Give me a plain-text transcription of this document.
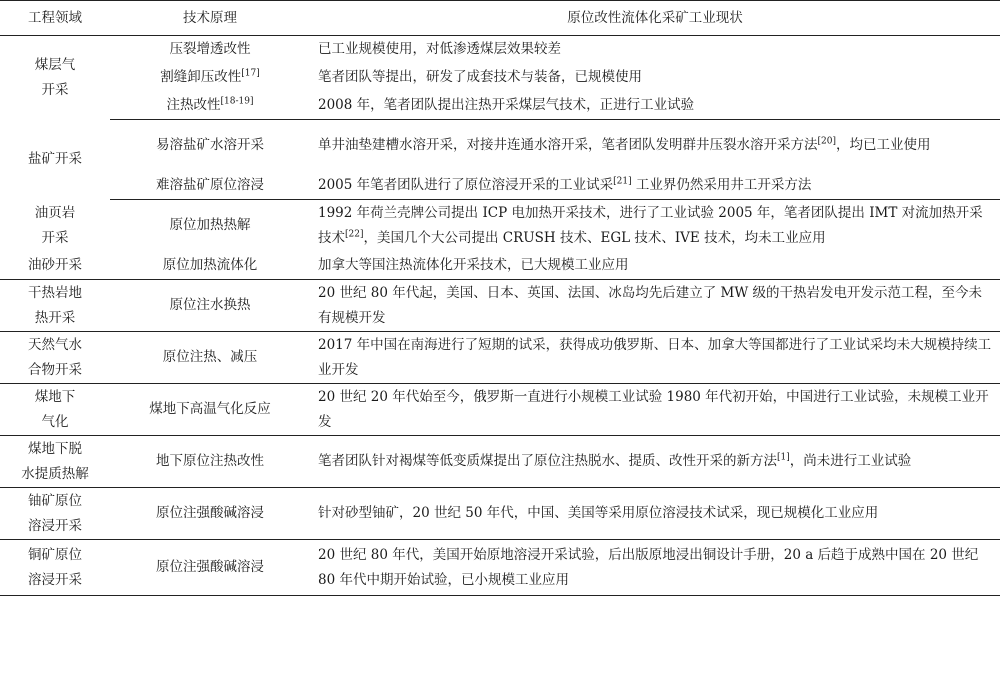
工程领域	技术原理	原位改性流体化采矿工业现状
煤层气
开采	压裂增透改性	已工业规模使用，对低渗透煤层效果较差
	割缝卸压改性[17]	笔者团队等提出，研发了成套技术与装备，已规模使用
	注热改性[18-19]	2008 年，笔者团队提出注热开采煤层气技术，正进行工业试验
盐矿开采	易溶盐矿水溶开采	单井油垫建槽水溶开采，对接井连通水溶开采，笔者团队发明群井压裂水溶开采方法[20]，均已工业使用
	难溶盐矿原位溶浸	2005 年笔者团队进行了原位溶浸开采的工业试采[21] 工业界仍然采用井工开采方法
油页岩
开采	原位加热热解	1992 年荷兰壳牌公司提出 ICP 电加热开采技术，进行了工业试验 2005 年，笔者团队提出 IMT 对流加热开采技术[22]，美国几个大公司提出 CRUSH 技术、EGL 技术、IVE 技术，均未工业应用
油砂开采	原位加热流体化	加拿大等国注热流体化开采技术，已大规模工业应用
干热岩地
热开采	原位注水换热	20 世纪 80 年代起，美国、日本、英国、法国、冰岛均先后建立了 MW 级的干热岩发电开发示范工程，至今未有规模开发
天然气水
合物开采	原位注热、减压	2017 年中国在南海进行了短期的试采，获得成功俄罗斯、日本、加拿大等国都进行了工业试采均未大规模持续工业开发
煤地下
气化	煤地下高温气化反应	20 世纪 20 年代始至今，俄罗斯一直进行小规模工业试验 1980 年代初开始，中国进行工业试验，未规模工业开发
煤地下脱
水提质热解	地下原位注热改性	笔者团队针对褐煤等低变质煤提出了原位注热脱水、提质、改性开采的新方法[1]，尚未进行工业试验
铀矿原位
溶浸开采	原位注强酸碱溶浸	针对砂型铀矿，20 世纪 50 年代，中国、美国等采用原位溶浸技术试采，现已规模化工业应用
铜矿原位
溶浸开采	原位注强酸碱溶浸	20 世纪 80 年代，美国开始原地溶浸开采试验，后出版原地浸出铜设计手册，20 a 后趋于成熟中国在 20 世纪 80 年代中期开始试验，已小规模工业应用
